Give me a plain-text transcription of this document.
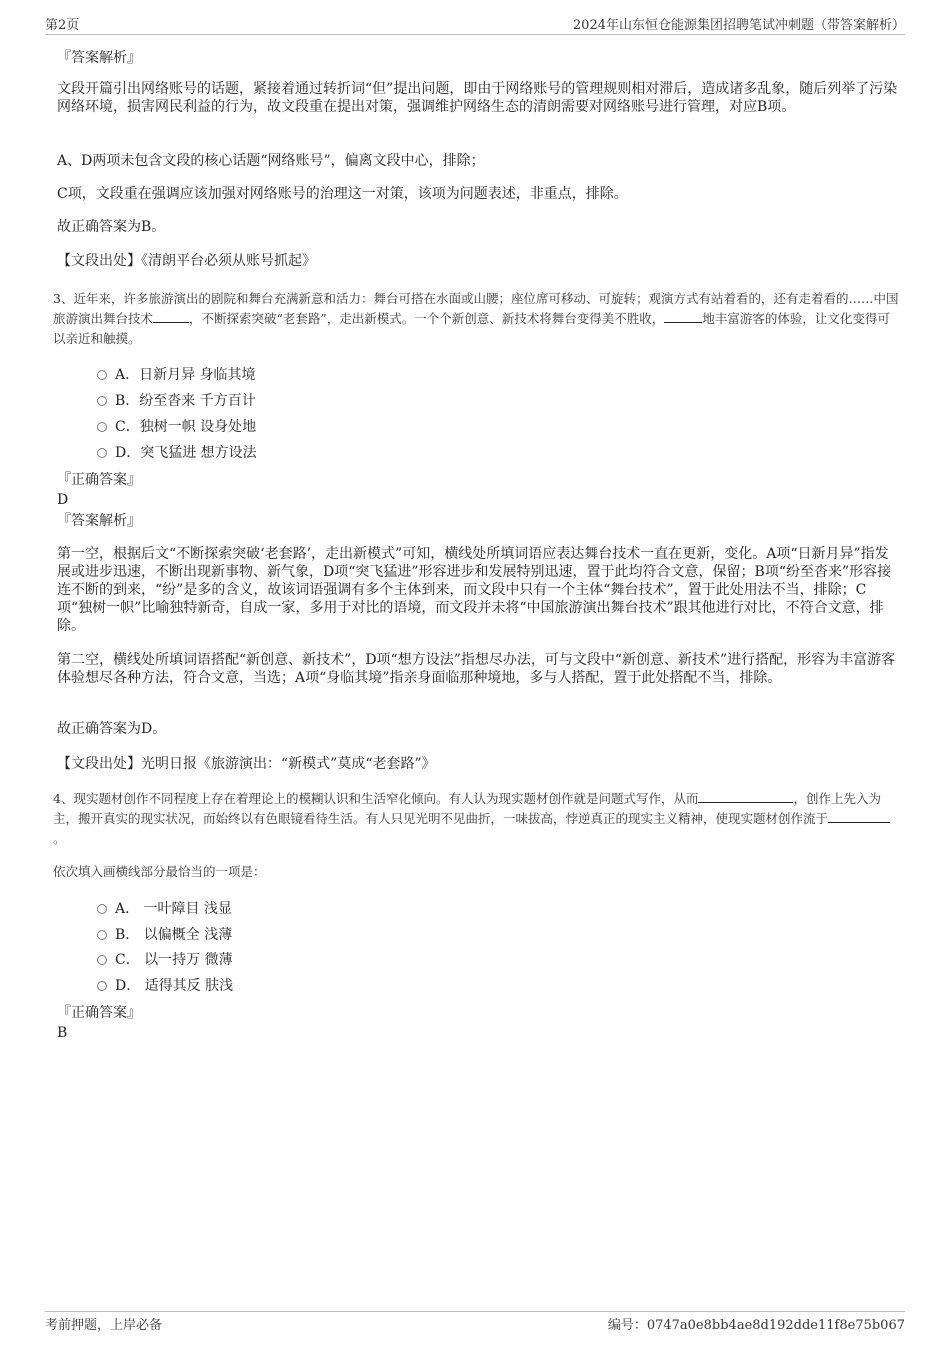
第2页	2024年山东恒仓能源集团招聘笔试冲刺题（带答案解析）
『答案解析』
文段开篇引出网络账号的话题，紧接着通过转折词“但”提出问题，即由于网络账号的管理规则相对滞后，造成诸多乱象，随后列举了污染网络环境，损害网民利益的行为，故文段重在提出对策，强调维护网络生态的清朗需要对网络账号进行管理，对应B项。
A、D两项未包含文段的核心话题“网络账号”，偏离文段中心，排除；
C项，文段重在强调应该加强对网络账号的治理这一对策，该项为问题表述，非重点，排除。
故正确答案为B。
【文段出处】《清朗平台必须从账号抓起》
3、近年来，许多旅游演出的剧院和舞台充满新意和活力：舞台可搭在水面或山腰；座位席可移动、可旋转；观演方式有站着看的，还有走着看的……中国旅游演出舞台技术	，不断探索突破“老套路”，走出新模式。一个个新创意、新技术将舞台变得美不胜收，	地丰富游客的体验，让文化变得可以亲近和触摸。
A．日新月异 身临其境
B．纷至沓来 千方百计
C．独树一帜 设身处地
D．突飞猛进 想方设法
『正确答案』
D
『答案解析』
第一空，根据后文“不断探索突破‘老套路’，走出新模式”可知，横线处所填词语应表达舞台技术一直在更新，变化。A项“日新月异”指发展或进步迅速，不断出现新事物、新气象，D项“突飞猛进”形容进步和发展特别迅速，置于此均符合文意，保留；B项“纷至沓来”形容接连不断的到来，“纷”是多的含义，故该词语强调有多个主体到来，而文段中只有一个主体“舞台技术”，置于此处用法不当，排除；C项“独树一帜”比喻独特新奇，自成一家，多用于对比的语境，而文段并未将“中国旅游演出舞台技术”跟其他进行对比，不符合文意，排除。
第二空，横线处所填词语搭配“新创意、新技术”，D项“想方设法”指想尽办法，可与文段中“新创意、新技术”进行搭配，形容为丰富游客体验想尽各种方法，符合文意，当选；A项“身临其境”指亲身面临那种境地，多与人搭配，置于此处搭配不当，排除。
故正确答案为D。
【文段出处】光明日报《旅游演出：“新模式”莫成“老套路”》
4、现实题材创作不同程度上存在着理论上的模糊认识和生活窄化倾向。有人认为现实题材创作就是问题式写作，从而	，创作上先入为主，搬开真实的现实状况，而始终以有色眼镜看待生活。有人只见光明不见曲折，一味拔高，悖逆真正的现实主义精神，使现实题材创作流于。
依次填入画横线部分最恰当的一项是：
A． 一叶障目 浅显
B． 以偏概全 浅薄
C． 以一持万 微薄
D． 适得其反 肤浅
『正确答案』
B
考前押题，上岸必备	编号：0747a0e8bb4ae8d192dde11f8e75b067
